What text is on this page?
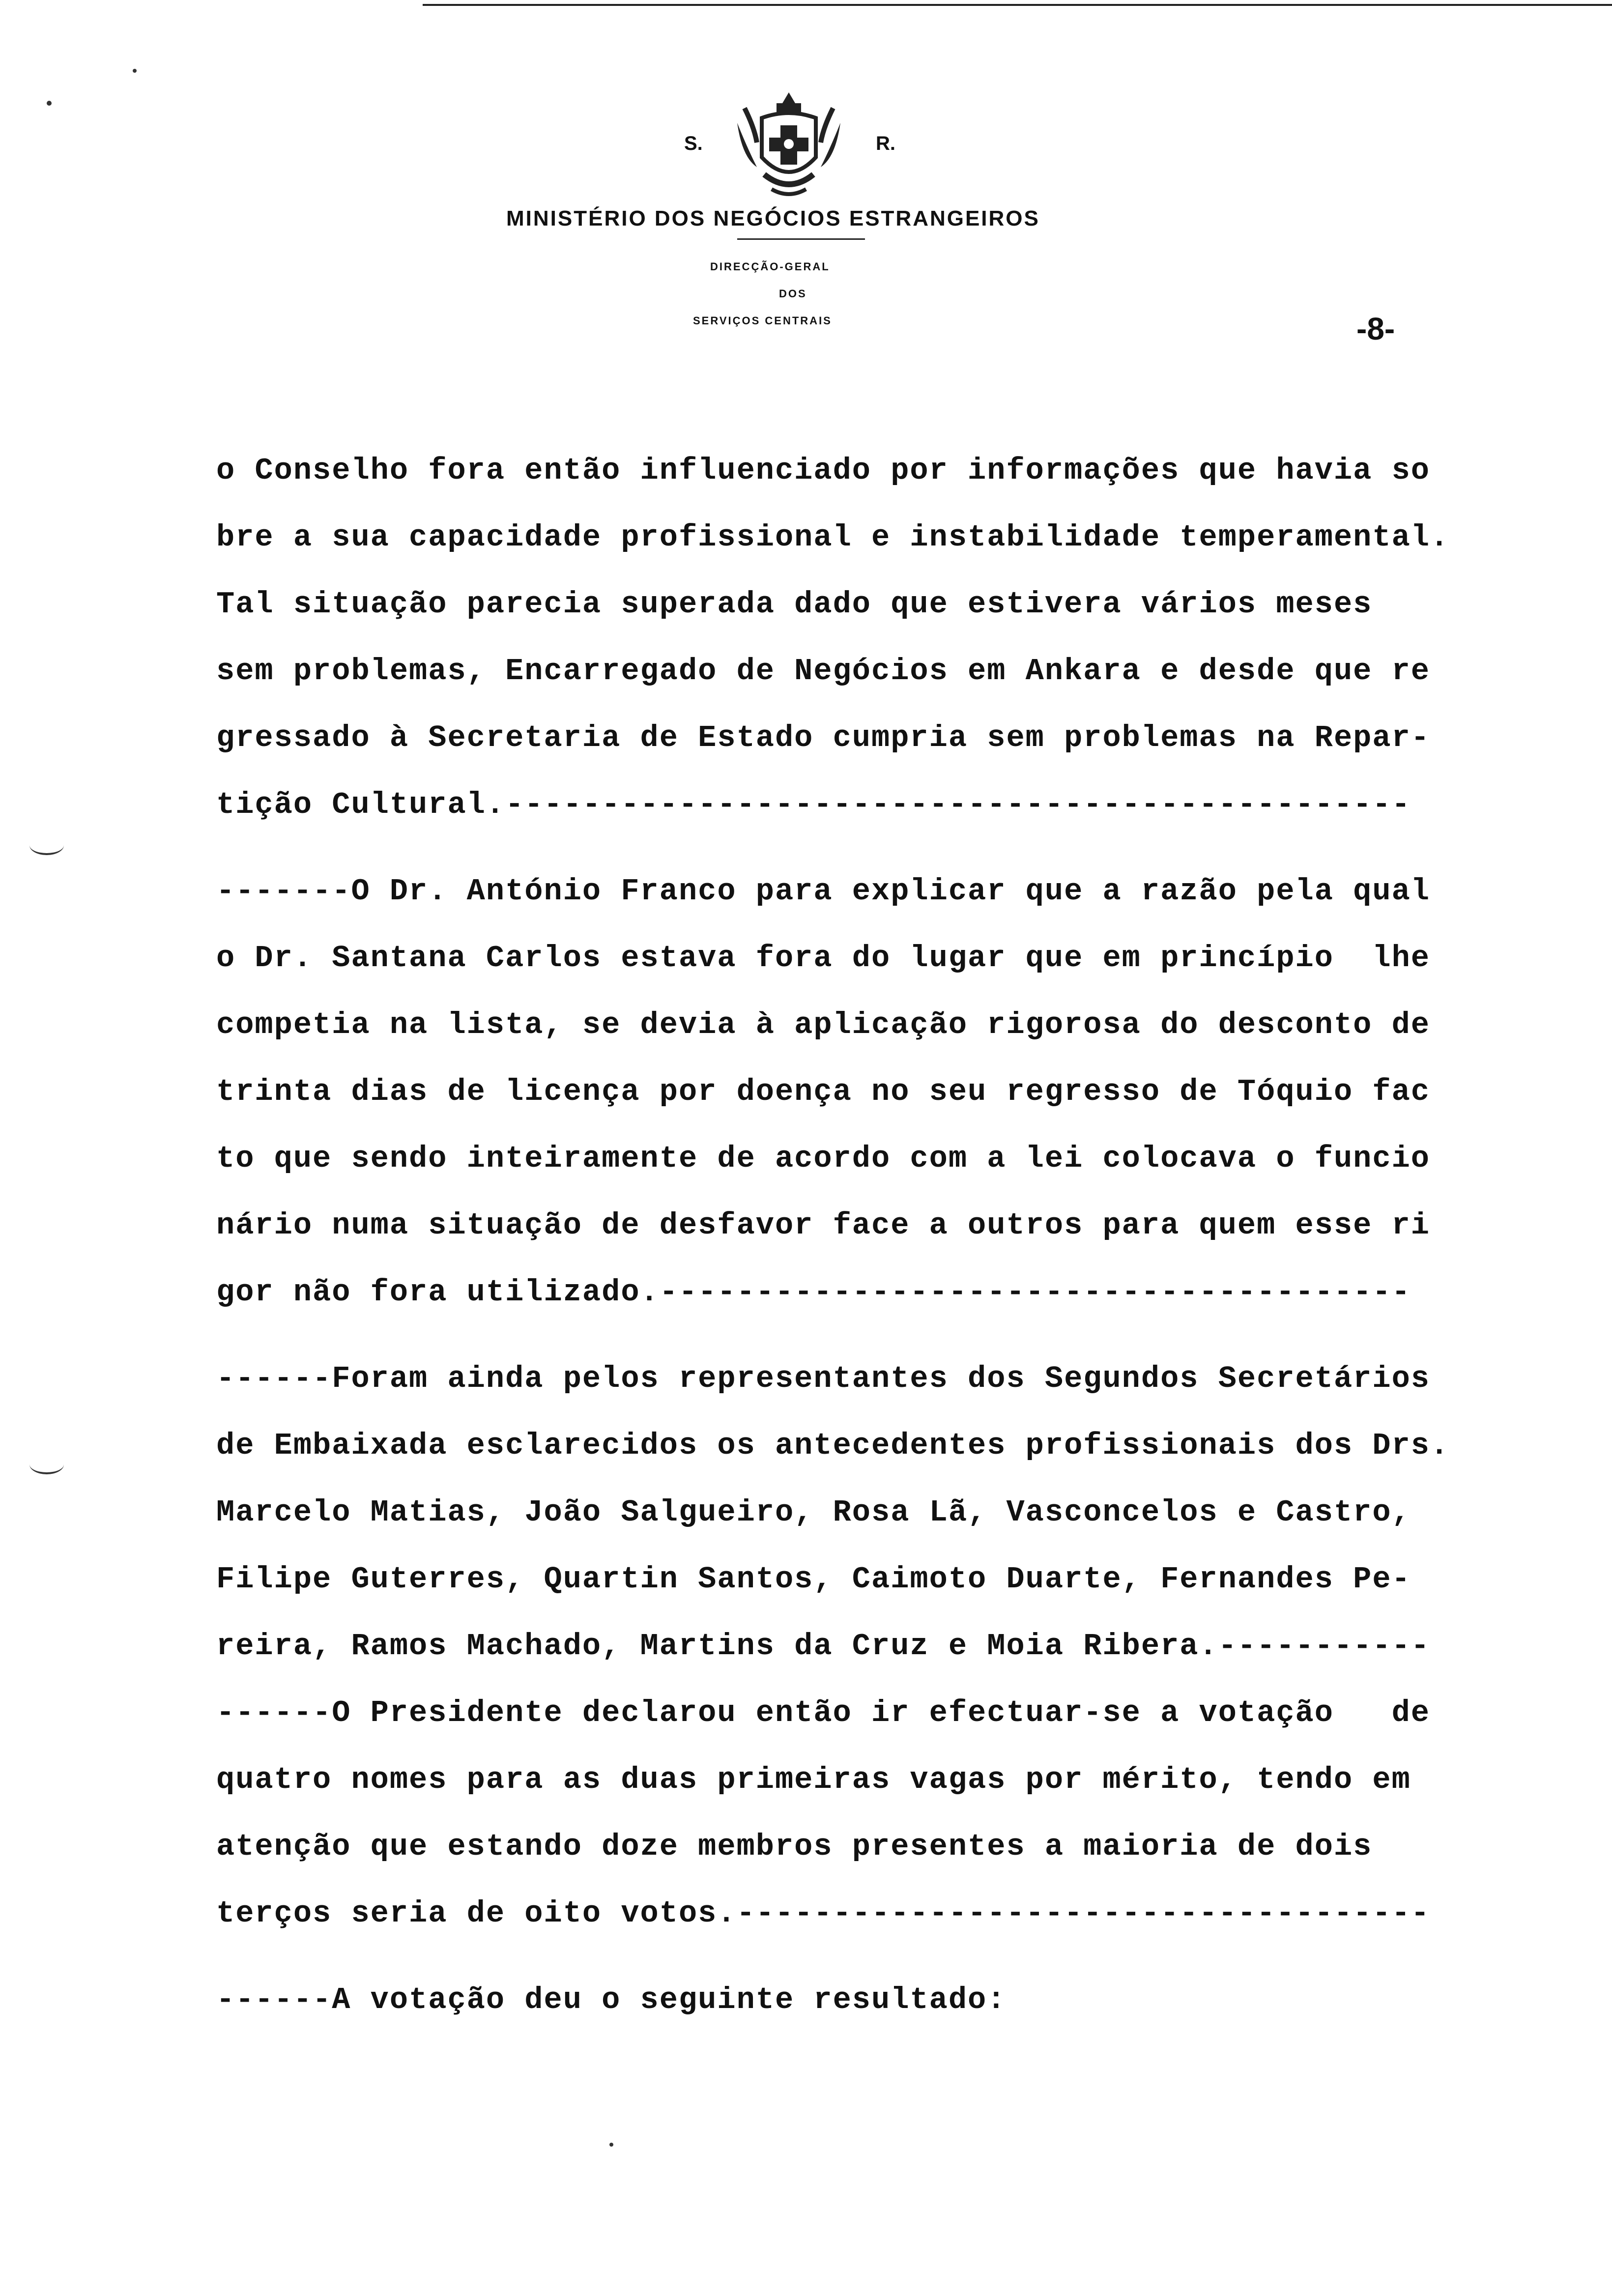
S.	R.
MINISTÉRIO DOS NEGÓCIOS ESTRANGEIROS
DIRECÇÃO-GERAL
DOS
SERVIÇOS CENTRAIS	-8-
o Conselho fora então influenciado por informações que havia so
bre a sua capacidade profissional e instabilidade temperamental.
Tal situação parecia superada dado que estivera vários meses
sem problemas, Encarregado de Negócios em Ankara e desde que re
gressado à Secretaria de Estado cumpria sem problemas na Repar-
tição Cultural.-----------------------------------------------
-------O Dr. António Franco para explicar que a razão pela qual
o Dr. Santana Carlos estava fora do lugar que em princípio  lhe
competia na lista, se devia à aplicação rigorosa do desconto de
trinta dias de licença por doença no seu regresso de Tóquio fac
to que sendo inteiramente de acordo com a lei colocava o funcio
nário numa situação de desfavor face a outros para quem esse ri
gor não fora utilizado.---------------------------------------
------Foram ainda pelos representantes dos Segundos Secretários
de Embaixada esclarecidos os antecedentes profissionais dos Drs.
Marcelo Matias, João Salgueiro, Rosa Lã, Vasconcelos e Castro,
Filipe Guterres, Quartin Santos, Caimoto Duarte, Fernandes Pe-
reira, Ramos Machado, Martins da Cruz e Moia Ribera.-----------
------O Presidente declarou então ir efectuar-se a votação   de
quatro nomes para as duas primeiras vagas por mérito, tendo em
atenção que estando doze membros presentes a maioria de dois
terços seria de oito votos.------------------------------------
------A votação deu o seguinte resultado:
